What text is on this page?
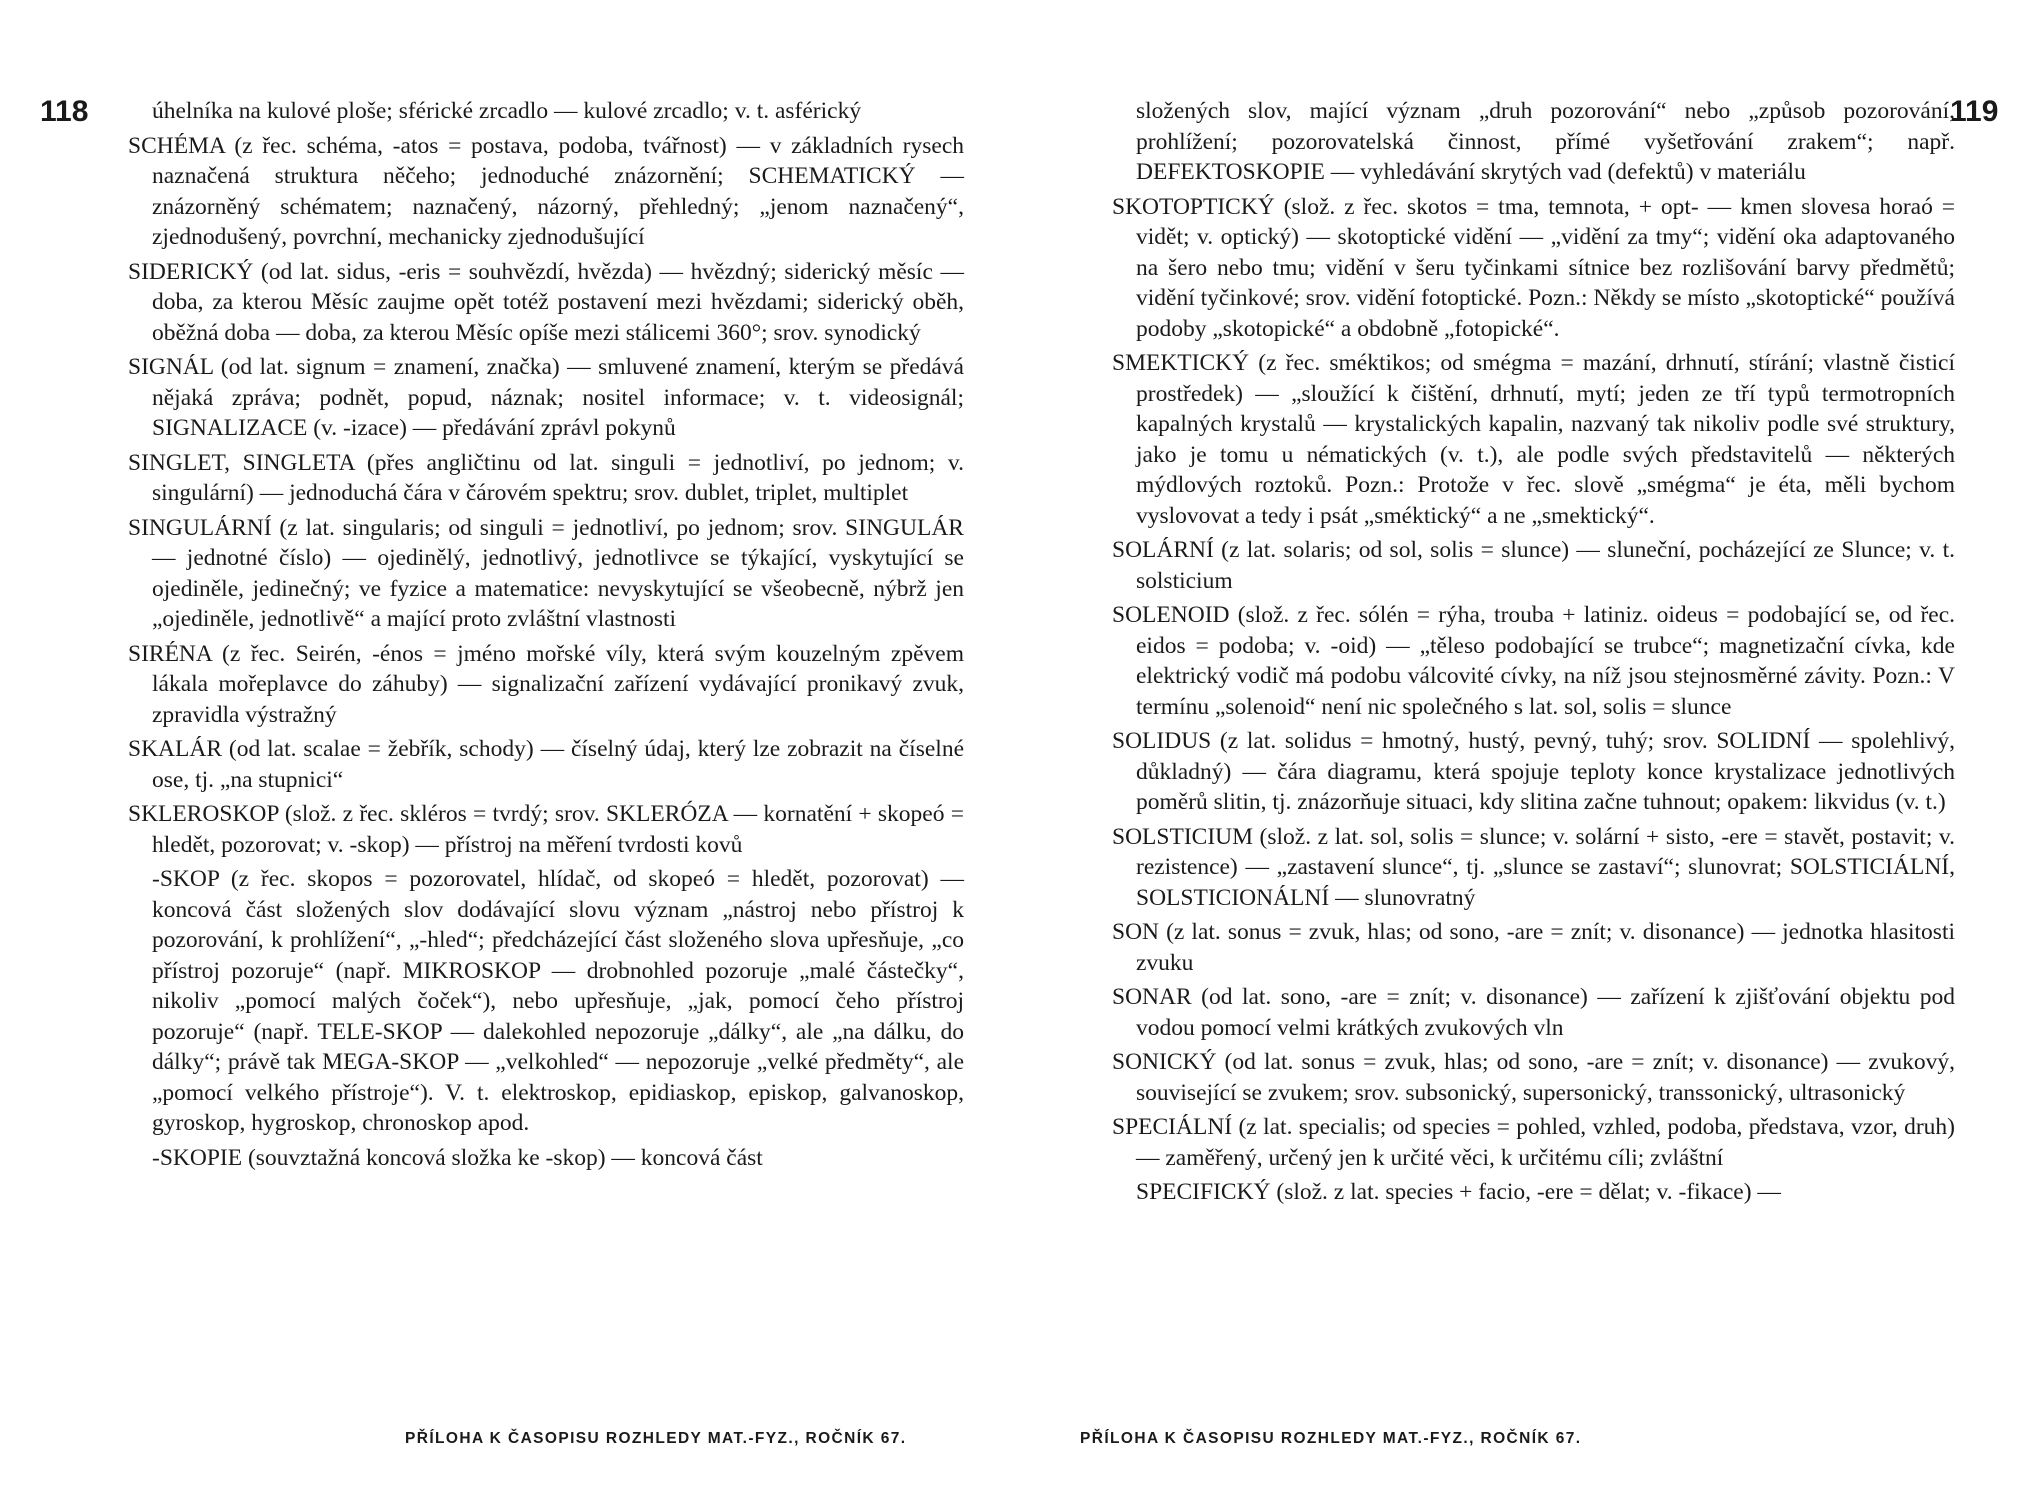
118	úhelníka na kulové ploše; sférické zrcadlo — kulové zrcadlo; v. t. asférický

SCHÉMA (z řec. schéma, -atos = postava, podoba, tvářnost) — v základních rysech naznačená struktura něčeho; jednoduché znázornění; SCHEMATICKÝ — znázorněný schématem; naznačený, názorný, přehledný; „jenom naznačený“, zjednodušený, povrchní, mechanicky zjednodušující

SIDERICKÝ (od lat. sidus, -eris = souhvězdí, hvězda) — hvězdný; siderický měsíc — doba, za kterou Měsíc zaujme opět totéž postavení mezi hvězdami; siderický oběh, oběžná doba — doba, za kterou Měsíc opíše mezi stálicemi 360°; srov. synodický

SIGNÁL (od lat. signum = znamení, značka) — smluvené znamení, kterým se předává nějaká zpráva; podnět, popud, náznak; nositel informace; v. t. videosignál; SIGNALIZACE (v. -izace) — předávání zprávl pokynů

SINGLET, SINGLETA (přes angličtinu od lat. singuli = jednotliví, po jednom; v. singulární) — jednoduchá čára v čárovém spektru; srov. dublet, triplet, multiplet

SINGULÁRNÍ (z lat. singularis; od singuli = jednotliví, po jednom; srov. SINGULÁR — jednotné číslo) — ojedinělý, jednotlivý, jednotlivce se týkající, vyskytující se ojediněle, jedinečný; ve fyzice a matematice: nevyskytující se všeobecně, nýbrž jen „ojediněle, jednotlivě“ a mající proto zvláštní vlastnosti

SIRÉNA (z řec. Seirén, -énos = jméno mořské víly, která svým kouzelným zpěvem lákala mořeplavce do záhuby) — signalizační zařízení vydávající pronikavý zvuk, zpravidla výstražný

SKALÁR (od lat. scalae = žebřík, schody) — číselný údaj, který lze zobrazit na číselné ose, tj. „na stupnici“

SKLEROSKOP (slož. z řec. skléros = tvrdý; srov. SKLERÓZA — kornatění + skopeó = hledět, pozorovat; v. -skop) — přístroj na měření tvrdosti kovů

-SKOP (z řec. skopos = pozorovatel, hlídač, od skopeó = hledět, pozorovat) — koncová část složených slov dodávající slovu význam „nástroj nebo přístroj k pozorování, k prohlížení“, „-hled“; předcházející část složeného slova upřesňuje, „co přístroj pozoruje“ (např. MIKROSKOP — drobnohled pozoruje „malé částečky“, nikoliv „pomocí malých čoček“), nebo upřesňuje, „jak, pomocí čeho přístroj pozoruje“ (např. TELE-SKOP — dalekohled nepozoruje „dálky“, ale „na dálku, do dálky“; právě tak MEGA-SKOP — „velkohled“ — nepozoruje „velké předměty“, ale „pomocí velkého přístroje“). V. t. elektroskop, epidiaskop, episkop, galvanoskop, gyroskop, hygroskop, chronoskop apod.

-SKOPIE (souvztažná koncová složka ke -skop) — koncová část

PŘÍLOHA K ČASOPISU ROZHLEDY MAT.-FYZ., ROČNÍK 67.
119

složených slov, mající význam „druh pozorování“ nebo „způsob pozorování, prohlížení; pozorovatelská činnost, přímé vyšetřování zrakem“; např. DEFEKTOSKOPIE — vyhledávání skrytých vad (defektů) v materiálu

SKOTOPTICKÝ (slož. z řec. skotos = tma, temnota, + opt- — kmen slovesa horaó = vidět; v. optický) — skotoptické vidění — „vidění za tmy“; vidění oka adaptovaného na šero nebo tmu; vidění v šeru tyčinkami sítnice bez rozlišování barvy předmětů; vidění tyčinkové; srov. vidění fotoptické. Pozn.: Někdy se místo „skotoptické“ používá podoby „skotopické“ a obdobně „fotopické“.

SMEKTICKÝ (z řec. sméktikos; od smégma = mazání, drhnutí, stírání; vlastně čisticí prostředek) — „sloužící k čištění, drhnutí, mytí; jeden ze tří typů termotropních kapalných krystalů — krystalických kapalin, nazvaný tak nikoliv podle své struktury, jako je tomu u nématických (v. t.), ale podle svých představitelů — některých mýdlových roztoků. Pozn.: Protože v řec. slově „smégma“ je éta, měli bychom vyslovovat a tedy i psát „sméktický“ a ne „smektický“.

SOLÁRNÍ (z lat. solaris; od sol, solis = slunce) — sluneční, pocházející ze Slunce; v. t. solsticium

SOLENOID (slož. z řec. sólén = rýha, trouba + latiniz. oideus = podobající se, od řec. eidos = podoba; v. -oid) — „těleso podobající se trubce“; magnetizační cívka, kde elektrický vodič má podobu válcovité cívky, na níž jsou stejnosměrné závity. Pozn.: V termínu „solenoid“ není nic společného s lat. sol, solis = slunce

SOLIDUS (z lat. solidus = hmotný, hustý, pevný, tuhý; srov. SOLIDNÍ — spolehlivý, důkladný) — čára diagramu, která spojuje teploty konce krystalizace jednotlivých poměrů slitin, tj. znázorňuje situaci, kdy slitina začne tuhnout; opakem: likvidus (v. t.)

SOLSTICIUM (slož. z lat. sol, solis = slunce; v. solární + sisto, -ere = stavět, postavit; v. rezistence) — „zastavení slunce“, tj. „slunce se zastaví“; slunovrat; SOLSTICIÁLNÍ, SOLSTICIONÁLNÍ — slunovratný

SON (z lat. sonus = zvuk, hlas; od sono, -are = znít; v. disonance) — jednotka hlasitosti zvuku

SONAR (od lat. sono, -are = znít; v. disonance) — zařízení k zjišťování objektu pod vodou pomocí velmi krátkých zvukových vln

SONICKÝ (od lat. sonus = zvuk, hlas; od sono, -are = znít; v. disonance) — zvukový, související se zvukem; srov. subsonický, supersonický, transsonický, ultrasonický

SPECIÁLNÍ (z lat. specialis; od species = pohled, vzhled, podoba, představa, vzor, druh) — zaměřený, určený jen k určité věci, k určitému cíli; zvláštní

SPECIFICKÝ (slož. z lat. species + facio, -ere = dělat; v. -fikace) —

PŘÍLOHA K ČASOPISU ROZHLEDY MAT.-FYZ., ROČNÍK 67.
